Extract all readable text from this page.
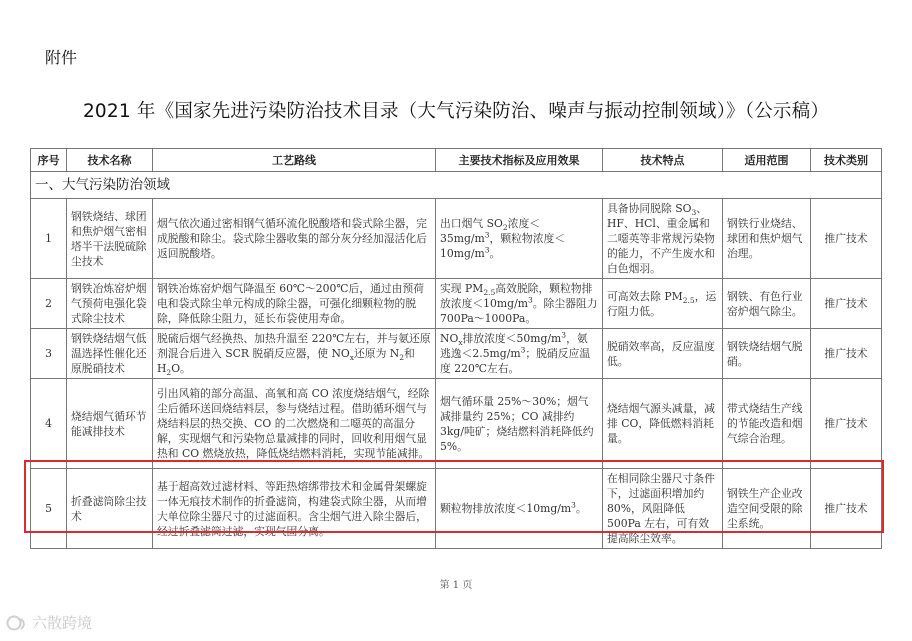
附件
2021 年《国家先进污染防治技术目录（大气污染防治、噪声与振动控制领域）》（公示稿）
序号	技术名称	工艺路线	主要技术指标及应用效果	技术特点	适用范围	技术类别
一、大气污染防治领域						
1	钢铁烧结、球团和焦炉烟气密相塔半干法脱硫除尘技术	烟气依次通过密相钢气循环流化脱酸塔和袋式除尘器，完成脱酸和除尘。袋式除尘器收集的部分灰分经加湿活化后返回脱酸塔。	出口烟气 $SO_2$浓度$<35mg/m^3$，颗粒物浓度$<10mg/m^3$。	具备协同脱除 $SO_3$、HF、HCl、重金属和二噁英等非常规污染物的能力，不产生废水和白色烟羽。	钢铁行业烧结、球团和焦炉烟气治理。	推广技术
2	钢铁冶炼窑炉烟气预荷电强化袋式除尘技术	钢铁冶炼窑炉烟气降温至 60℃～200℃后，通过由预荷电和袋式除尘单元构成的除尘器，可强化细颗粒物的脱除，降低除尘阻力，延长布袋使用寿命。	实现 $PM_{2.5}$高效脱除，颗粒物排放浓度$<10mg/m^3$。除尘器阻力700Pa～1000Pa。	可高效去除 $PM_{2.5}$，运行阻力低。	钢铁、有色行业窑炉烟气除尘。	推广技术
3	钢铁烧结烟气低温选择性催化还原脱硝技术	脱硫后烟气经换热、加热升温至 220℃左右，并与氨还原剂混合后进入 SCR 脱硝反应器，使 $NO_x$还原为 $N_2$和 $H_2O$。	$NO_x$排放浓度$<50mg/m^3$，氨逃逸$<2.5mg/m^3$；脱硝反应温度 220℃左右。	脱硝效率高，反应温度低。	钢铁烧结烟气脱硝。	推广技术
4	烧结烟气循环节能减排技术	引出风箱的部分高温、高氧和高 CO 浓度烧结烟气，经除尘后循环送回烧结料层，参与烧结过程。借助循环烟气与烧结料层的热交换、CO 的二次燃烧和二噁英的高温分解，实现烟气和污染物总量减排的同时，回收利用烟气显热和 CO 燃烧放热，降低烧结燃料消耗，实现节能减排。	烟气循环量 25%～30%；烟气减排量约 25%；CO 减排约 3kg/吨矿；烧结燃料消耗降低约 5%。	烧结烟气源头减量，减排 CO，降低燃料消耗量。	带式烧结生产线的节能改造和烟气综合治理。	推广技术
5	折叠滤筒除尘技术	基于超高效过滤材料、等距热熔绑带技术和金属骨架螺旋一体无痕技术制作的折叠滤筒，构建袋式除尘器，从而增大单位除尘器尺寸的过滤面积。含尘烟气进入除尘器后，经过折叠滤筒过滤，实现气固分离。	颗粒物排放浓度$<10mg/m^3$。	在相同除尘器尺寸条件下，过滤面积增加约 80%，风阻降低 500Pa 左右，可有效提高除尘效率。	钢铁生产企业改造空间受限的除尘系统。	推广技术
第 1 页
六散跨境
